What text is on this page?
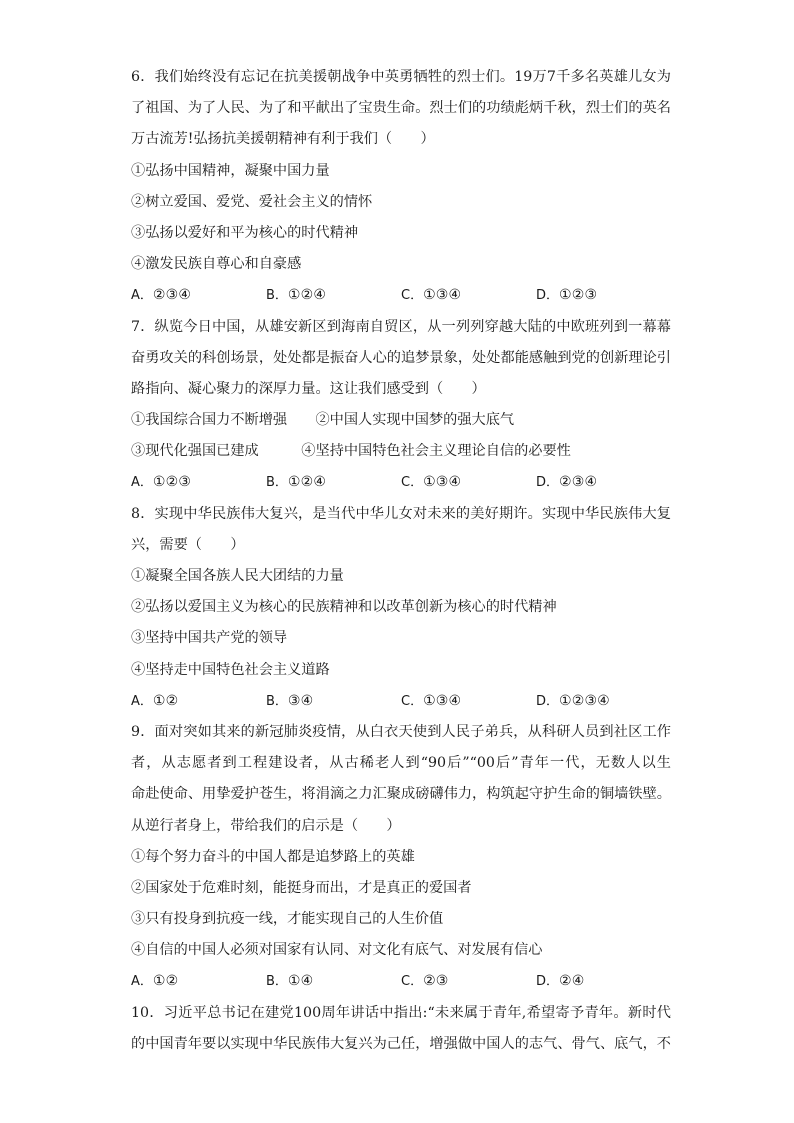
6．我们始终没有忘记在抗美援朝战争中英勇牺牲的烈士们。19万7千多名英雄儿女为
了祖国、为了人民、为了和平献出了宝贵生命。烈士们的功绩彪炳千秋，烈士们的英名
万古流芳!弘扬抗美援朝精神有利于我们（　　）
①弘扬中国精神，凝聚中国力量
②树立爱国、爱党、爱社会主义的情怀
③弘扬以爱好和平为核心的时代精神
④激发民族自尊心和自豪感
A．②③④	B．①②④	C．①③④	D．①②③
7．纵览今日中国，从雄安新区到海南自贸区，从一列列穿越大陆的中欧班列到一幕幕
奋勇攻关的科创场景，处处都是振奋人心的追梦景象，处处都能感触到党的创新理论引
路指向、凝心聚力的深厚力量。这让我们感受到（　　）
①我国综合国力不断增强　　②中国人实现中国梦的强大底气
③现代化强国已建成　　　④坚持中国特色社会主义理论自信的必要性
A．①②③	B．①②④	C．①③④	D．②③④
8．实现中华民族伟大复兴，是当代中华儿女对未来的美好期许。实现中华民族伟大复
兴，需要（　　）
①凝聚全国各族人民大团结的力量
②弘扬以爱国主义为核心的民族精神和以改革创新为核心的时代精神
③坚持中国共产党的领导
④坚持走中国特色社会主义道路
A．①②	B．③④	C．①③④	D．①②③④
9．面对突如其来的新冠肺炎疫情，从白衣天使到人民子弟兵，从科研人员到社区工作
者，从志愿者到工程建设者，从古稀老人到“90后”“00后”青年一代，无数人以生
命赴使命、用挚爱护苍生，将涓滴之力汇聚成磅礴伟力，构筑起守护生命的铜墙铁壁。
从逆行者身上，带给我们的启示是（　　）
①每个努力奋斗的中国人都是追梦路上的英雄
②国家处于危难时刻，能挺身而出，才是真正的爱国者
③只有投身到抗疫一线，才能实现自己的人生价值
④自信的中国人必须对国家有认同、对文化有底气、对发展有信心
A．①②	B．①④	C．②③	D．②④
10．习近平总书记在建党100周年讲话中指出:“未来属于青年,希望寄予青年。新时代
的中国青年要以实现中华民族伟大复兴为己任，增强做中国人的志气、骨气、底气，不
